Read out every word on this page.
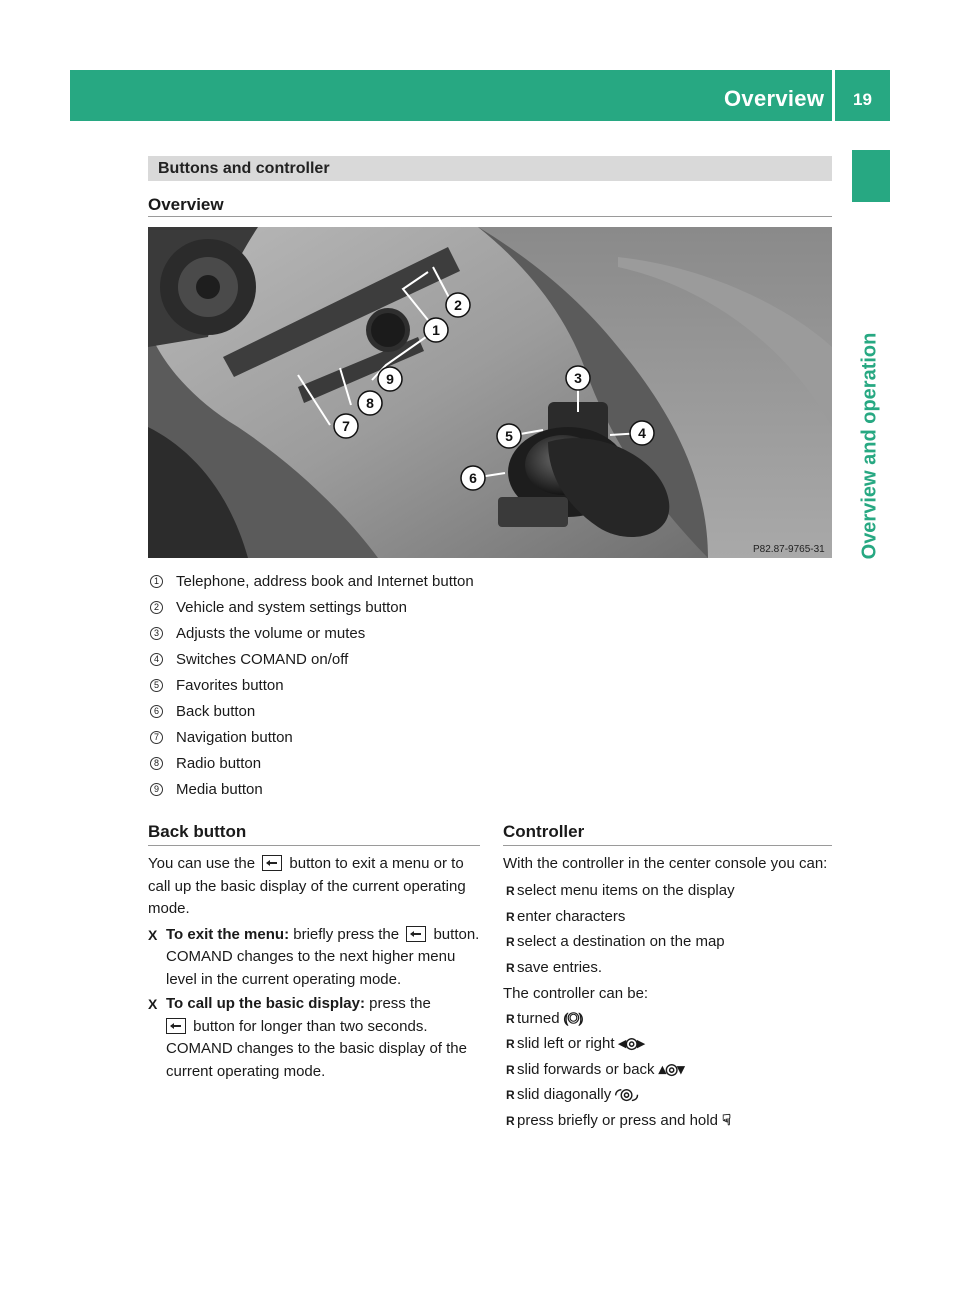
Overview	19
Overview and operation
Buttons and controller
Overview
1
2
3
4
5
6
7
8
9
P82.87-9765-31
1 Telephone, address book and Internet button
2 Vehicle and system settings button
3 Adjusts the volume or mutes
4 Switches COMAND on/off
5 Favorites button
6 Back button
7 Navigation button
8 Radio button
9 Media button
Back button
You can use the button to exit a menu or to call up the basic display of the current operating mode.
X To exit the menu: briefly press the button.
COMAND changes to the next higher menu level in the current operating mode.
X To call up the basic display: press the
button for longer than two seconds.
COMAND changes to the basic display of the current operating mode.
Controller
With the controller in the center console you can:
R select menu items on the display
R enter characters
R select a destination on the map
R save entries.
The controller can be:
R turned ⦅◎⦆
R slid left or right ◂◎▸
R slid forwards or back ▴◎▾
R slid diagonally ◜◎◞
R press briefly or press and hold ☟
